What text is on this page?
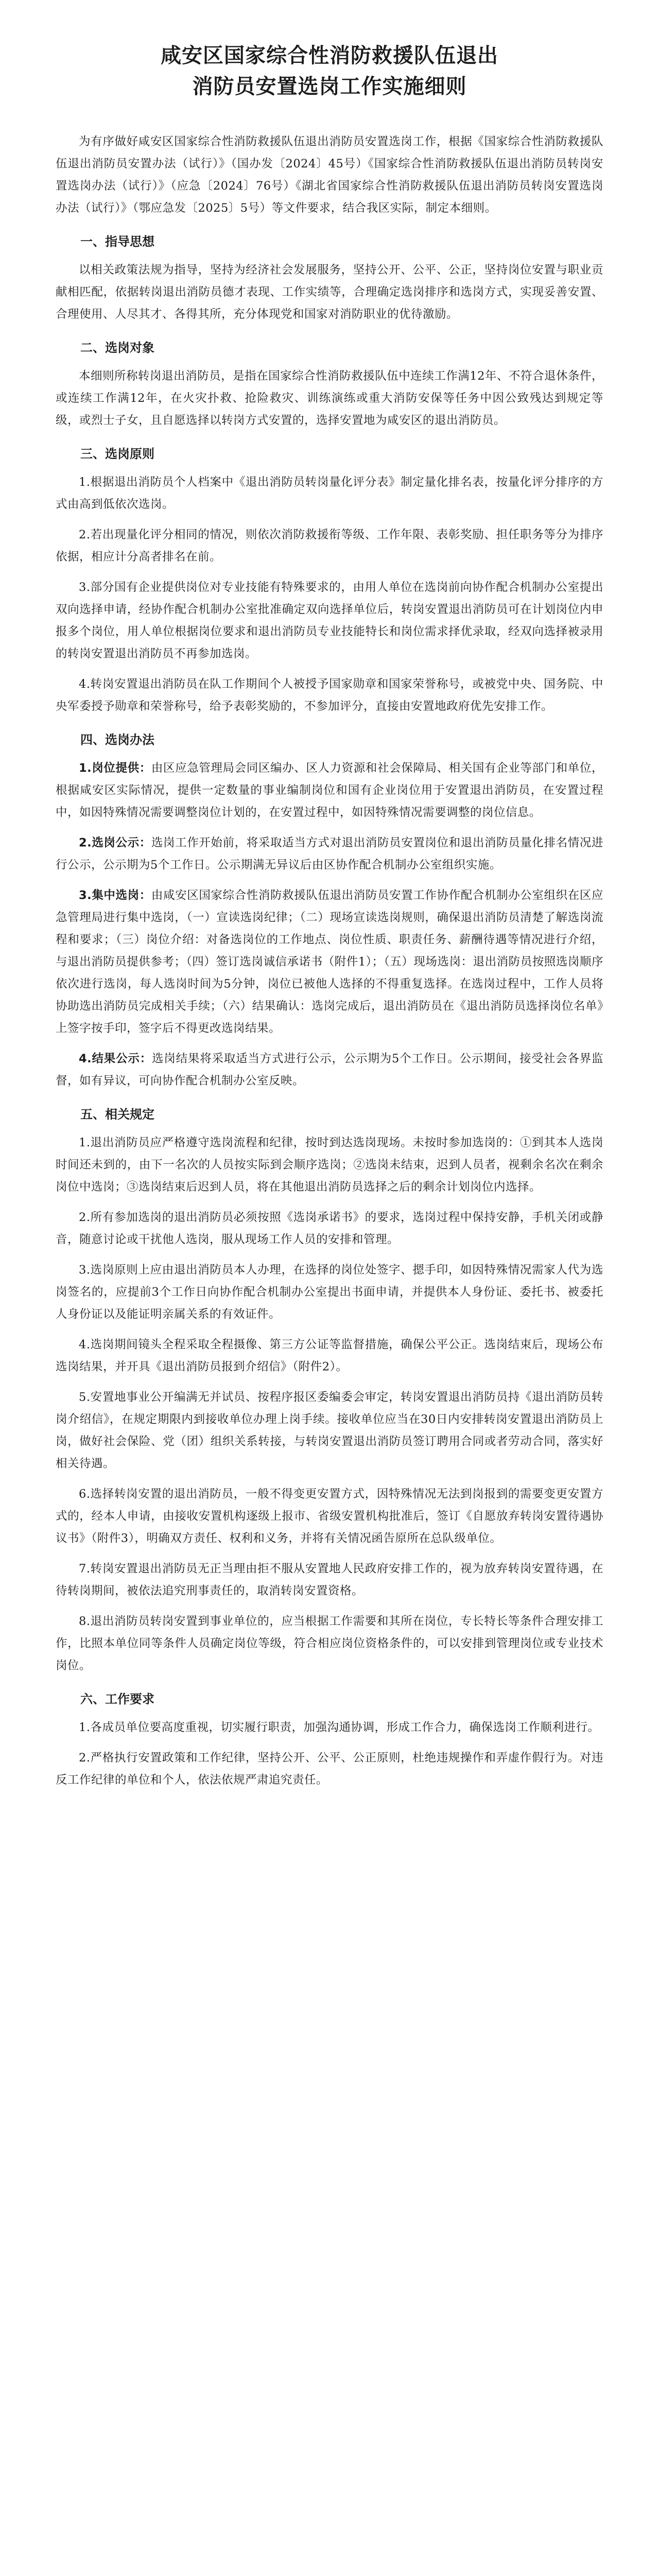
咸安区国家综合性消防救援队伍退出
消防员安置选岗工作实施细则

为有序做好咸安区国家综合性消防救援队伍退出消防员安置选岗工作，根据《国家综合性消防救援队伍退出消防员安置办法（试行）》（国办发〔2024〕45号）《国家综合性消防救援队伍退出消防员转岗安置选岗办法（试行）》（应急〔2024〕76号）《湖北省国家综合性消防救援队伍退出消防员转岗安置选岗办法（试行）》（鄂应急发〔2025〕5号）等文件要求，结合我区实际，制定本细则。

一、指导思想

以相关政策法规为指导，坚持为经济社会发展服务，坚持公开、公平、公正，坚持岗位安置与职业贡献相匹配，依据转岗退出消防员德才表现、工作实绩等，合理确定选岗排序和选岗方式，实现妥善安置、合理使用、人尽其才、各得其所，充分体现党和国家对消防职业的优待激励。

二、选岗对象

本细则所称转岗退出消防员，是指在国家综合性消防救援队伍中连续工作满12年、不符合退休条件，或连续工作满12年，在火灾扑救、抢险救灾、训练演练或重大消防安保等任务中因公致残达到规定等级，或烈士子女，且自愿选择以转岗方式安置的，选择安置地为咸安区的退出消防员。

三、选岗原则

1.根据退出消防员个人档案中《退出消防员转岗量化评分表》制定量化排名表，按量化评分排序的方式由高到低依次选岗。

2.若出现量化评分相同的情况，则依次消防救援衔等级、工作年限、表彰奖励、担任职务等分为排序依据，相应计分高者排名在前。

3.部分国有企业提供岗位对专业技能有特殊要求的，由用人单位在选岗前向协作配合机制办公室提出双向选择申请，经协作配合机制办公室批准确定双向选择单位后，转岗安置退出消防员可在计划岗位内申报多个岗位，用人单位根据岗位要求和退出消防员专业技能特长和岗位需求择优录取，经双向选择被录用的转岗安置退出消防员不再参加选岗。

4.转岗安置退出消防员在队工作期间个人被授予国家勋章和国家荣誉称号，或被党中央、国务院、中央军委授予勋章和荣誉称号，给予表彰奖励的，不参加评分，直接由安置地政府优先安排工作。

四、选岗办法

1.岗位提供：由区应急管理局会同区编办、区人力资源和社会保障局、相关国有企业等部门和单位，根据咸安区实际情况，提供一定数量的事业编制岗位和国有企业岗位用于安置退出消防员，在安置过程中，如因特殊情况需要调整岗位计划的，在安置过程中，如因特殊情况需要调整的岗位信息。

2.选岗公示：选岗工作开始前，将采取适当方式对退出消防员安置岗位和退出消防员量化排名情况进行公示，公示期为5个工作日。公示期满无异议后由区协作配合机制办公室组织实施。

3.集中选岗：由咸安区国家综合性消防救援队伍退出消防员安置工作协作配合机制办公室组织在区应急管理局进行集中选岗，（一）宣读选岗纪律；（二）现场宣读选岗规则，确保退出消防员清楚了解选岗流程和要求；（三）岗位介绍：对备选岗位的工作地点、岗位性质、职责任务、薪酬待遇等情况进行介绍，与退出消防员提供参考；（四）签订选岗诚信承诺书（附件1）；（五）现场选岗：退出消防员按照选岗顺序依次进行选岗，每人选岗时间为5分钟，岗位已被他人选择的不得重复选择。在选岗过程中，工作人员将协助选出消防员完成相关手续；（六）结果确认：选岗完成后，退出消防员在《退出消防员选择岗位名单》上签字按手印，签字后不得更改选岗结果。

4.结果公示：选岗结果将采取适当方式进行公示，公示期为5个工作日。公示期间，接受社会各界监督，如有异议，可向协作配合机制办公室反映。

五、相关规定

1.退出消防员应严格遵守选岗流程和纪律，按时到达选岗现场。未按时参加选岗的：①到其本人选岗时间还未到的，由下一名次的人员按实际到会顺序选岗；②选岗未结束，迟到人员者，视剩余名次在剩余岗位中选岗；③选岗结束后迟到人员，将在其他退出消防员选择之后的剩余计划岗位内选择。

2.所有参加选岗的退出消防员必须按照《选岗承诺书》的要求，选岗过程中保持安静，手机关闭或静音，随意讨论或干扰他人选岗，服从现场工作人员的安排和管理。

3.选岗原则上应由退出消防员本人办理，在选择的岗位处签字、摁手印，如因特殊情况需家人代为选岗签名的，应提前3个工作日向协作配合机制办公室提出书面申请，并提供本人身份证、委托书、被委托人身份证以及能证明亲属关系的有效证件。

4.选岗期间镜头全程采取全程摄像、第三方公证等监督措施，确保公平公正。选岗结束后，现场公布选岗结果，并开具《退出消防员报到介绍信》（附件2）。

5.安置地事业公开编满无并试员、按程序报区委编委会审定，转岗安置退出消防员持《退出消防员转岗介绍信》，在规定期限内到接收单位办理上岗手续。接收单位应当在30日内安排转岗安置退出消防员上岗，做好社会保险、党（团）组织关系转接，与转岗安置退出消防员签订聘用合同或者劳动合同，落实好相关待遇。

6.选择转岗安置的退出消防员，一般不得变更安置方式，因特殊情况无法到岗报到的需要变更安置方式的，经本人申请，由接收安置机构逐级上报市、省级安置机构批准后，签订《自愿放弃转岗安置待遇协议书》（附件3），明确双方责任、权利和义务，并将有关情况函告原所在总队级单位。

7.转岗安置退出消防员无正当理由拒不服从安置地人民政府安排工作的，视为放弃转岗安置待遇，在待转岗期间，被依法追究刑事责任的，取消转岗安置资格。

8.退出消防员转岗安置到事业单位的，应当根据工作需要和其所在岗位，专长特长等条件合理安排工作，比照本单位同等条件人员确定岗位等级，符合相应岗位资格条件的，可以安排到管理岗位或专业技术岗位。

六、工作要求

1.各成员单位要高度重视，切实履行职责，加强沟通协调，形成工作合力，确保选岗工作顺利进行。

2.严格执行安置政策和工作纪律，坚持公开、公平、公正原则，杜绝违规操作和弄虚作假行为。对违反工作纪律的单位和个人，依法依规严肃追究责任。
